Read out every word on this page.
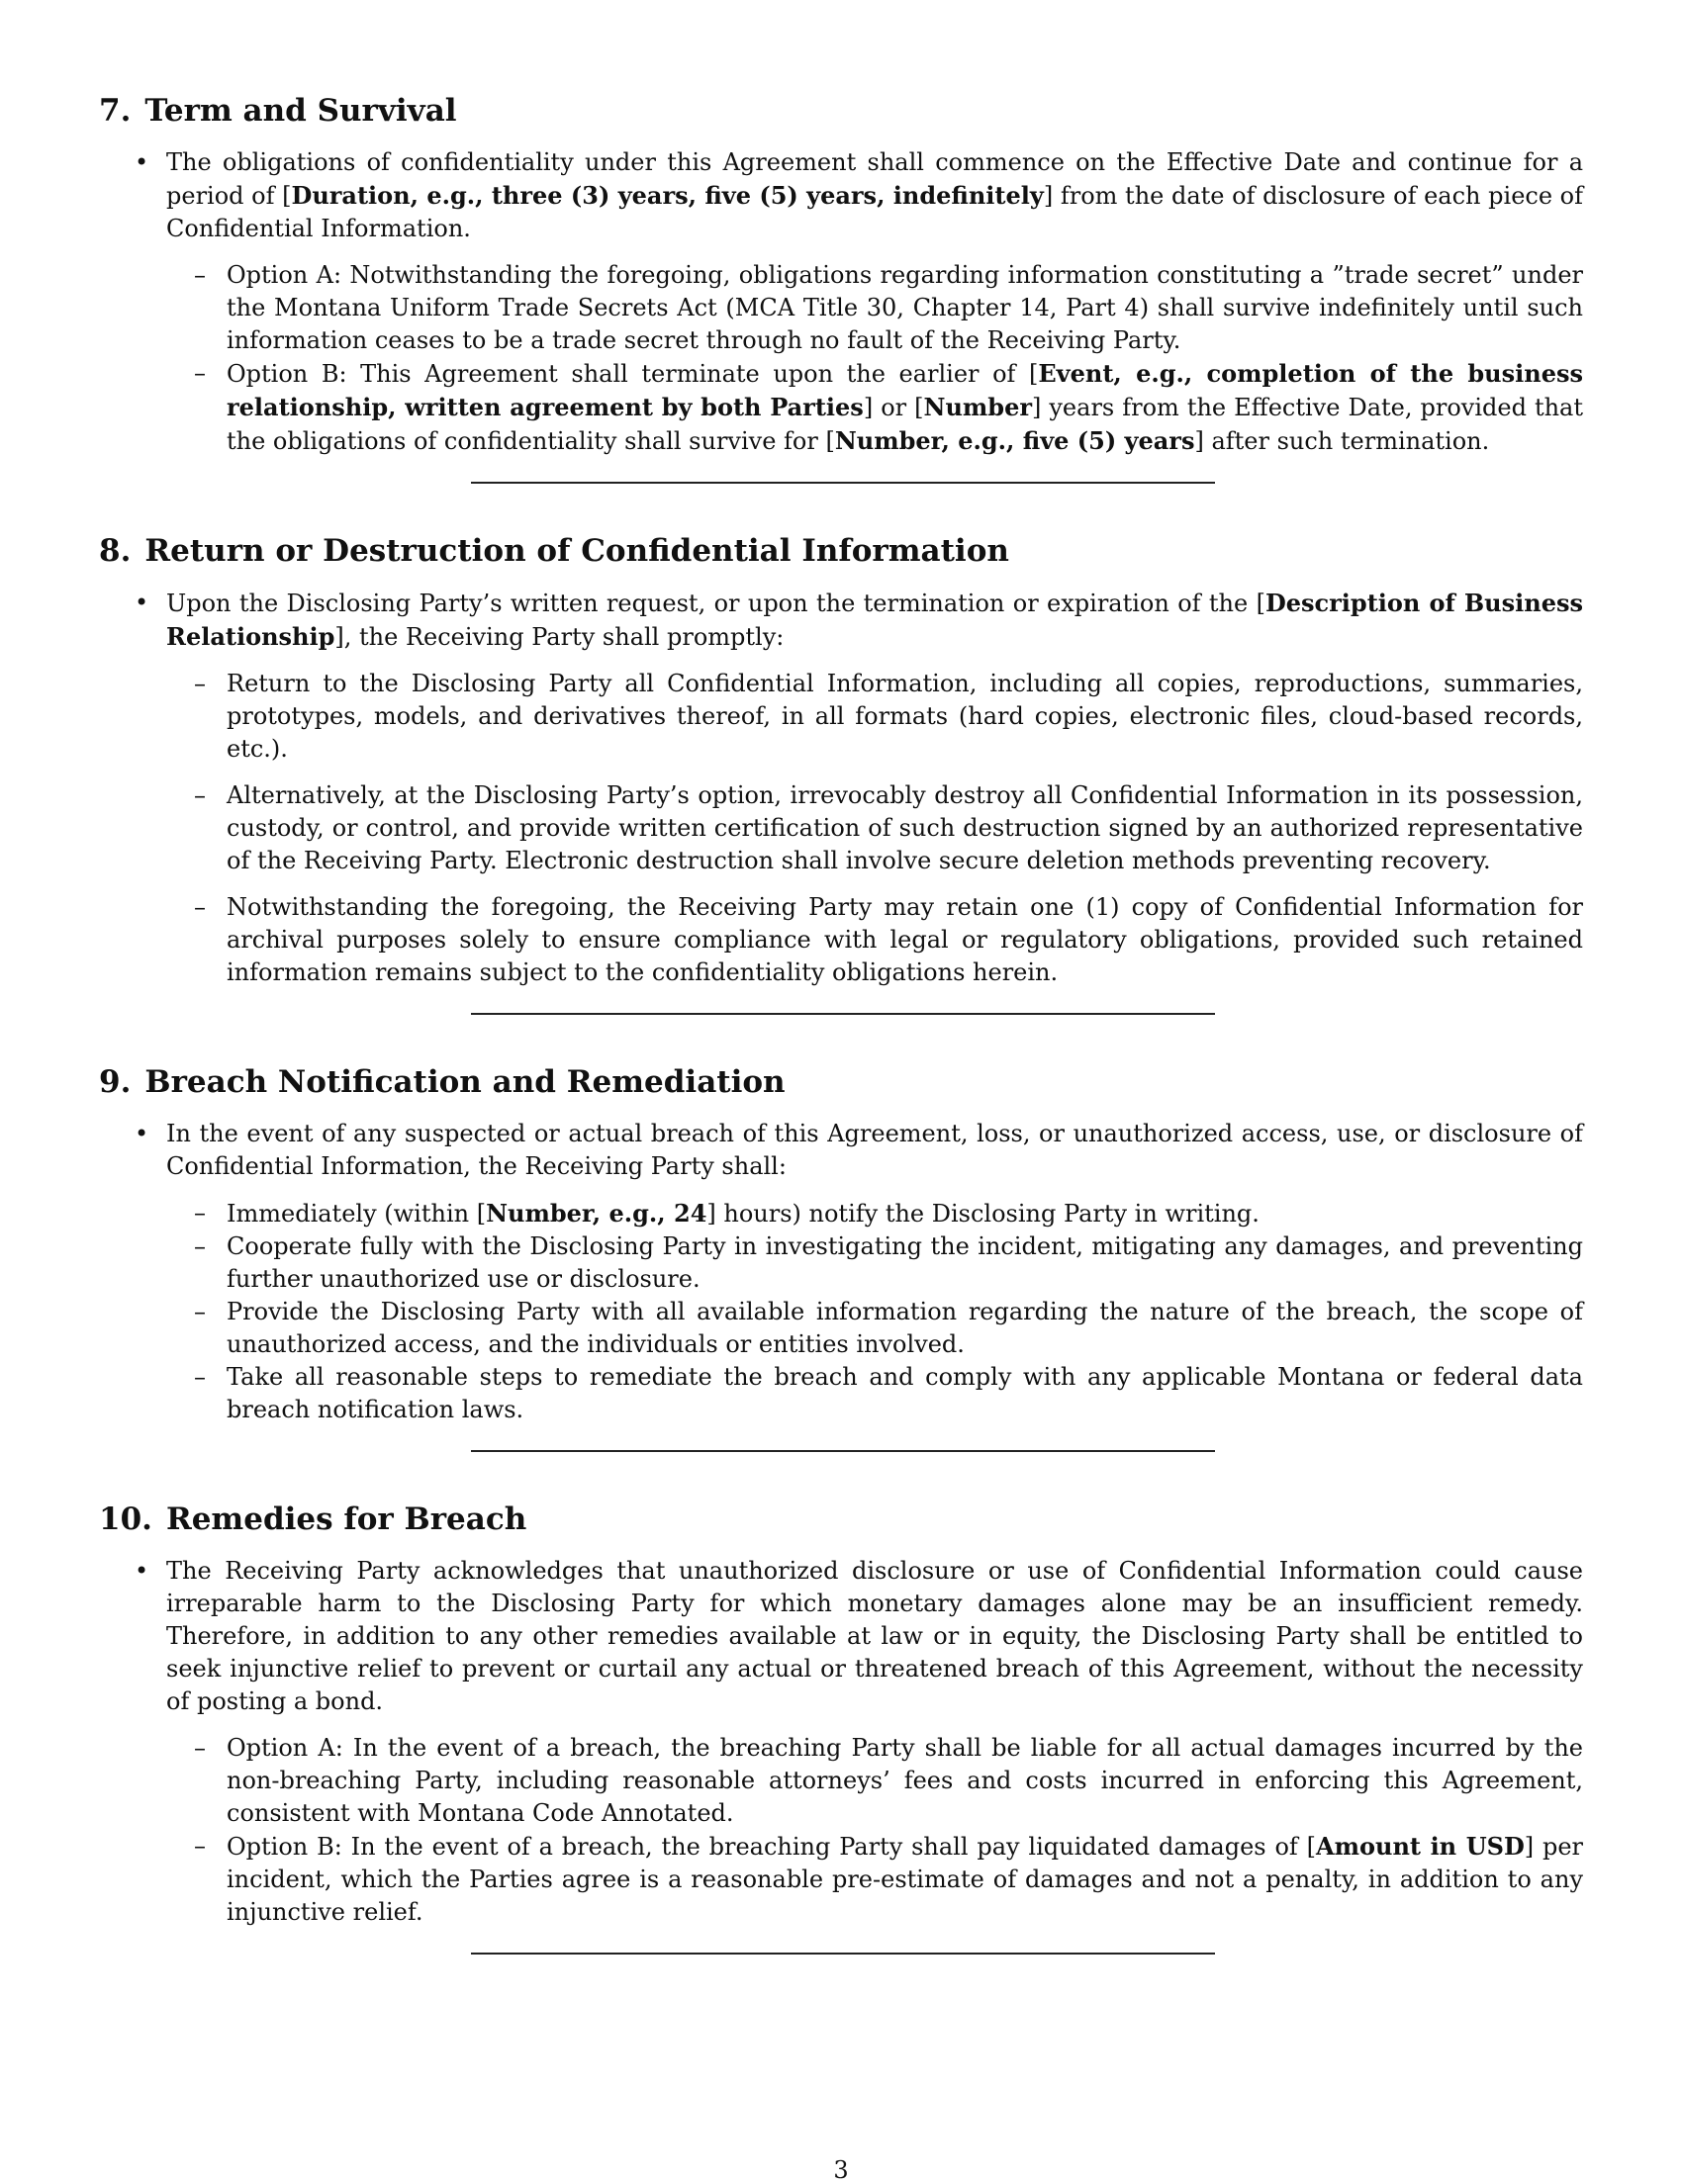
7. Term and Survival
• The obligations of confidentiality under this Agreement shall commence on the Effective Date and continue for a period of [Duration, e.g., three (3) years, five (5) years, indefinitely] from the date of disclosure of each piece of Confidential Information.
– Option A: Notwithstanding the foregoing, obligations regarding information constituting a ”trade secret” under the Montana Uniform Trade Secrets Act (MCA Title 30, Chapter 14, Part 4) shall survive indefinitely until such information ceases to be a trade secret through no fault of the Receiving Party.
– Option B: This Agreement shall terminate upon the earlier of [Event, e.g., completion of the business relationship, written agreement by both Parties] or [Number] years from the Effective Date, provided that the obligations of confidentiality shall survive for [Number, e.g., five (5) years] after such termination.
8. Return or Destruction of Confidential Information
• Upon the Disclosing Party’s written request, or upon the termination or expiration of the [Description of Business Relationship], the Receiving Party shall promptly:
– Return to the Disclosing Party all Confidential Information, including all copies, reproductions, summaries, prototypes, models, and derivatives thereof, in all formats (hard copies, electronic files, cloud-based records, etc.).
– Alternatively, at the Disclosing Party’s option, irrevocably destroy all Confidential Information in its possession, custody, or control, and provide written certification of such destruction signed by an authorized representative of the Receiving Party. Electronic destruction shall involve secure deletion methods preventing recovery.
– Notwithstanding the foregoing, the Receiving Party may retain one (1) copy of Confidential Information for archival purposes solely to ensure compliance with legal or regulatory obligations, provided such retained information remains subject to the confidentiality obligations herein.
9. Breach Notification and Remediation
• In the event of any suspected or actual breach of this Agreement, loss, or unauthorized access, use, or disclosure of Confidential Information, the Receiving Party shall:
– Immediately (within [Number, e.g., 24] hours) notify the Disclosing Party in writing.
– Cooperate fully with the Disclosing Party in investigating the incident, mitigating any damages, and preventing further unauthorized use or disclosure.
– Provide the Disclosing Party with all available information regarding the nature of the breach, the scope of unauthorized access, and the individuals or entities involved.
– Take all reasonable steps to remediate the breach and comply with any applicable Montana or federal data breach notification laws.
10. Remedies for Breach
• The Receiving Party acknowledges that unauthorized disclosure or use of Confidential Information could cause irreparable harm to the Disclosing Party for which monetary damages alone may be an insufficient remedy. Therefore, in addition to any other remedies available at law or in equity, the Disclosing Party shall be entitled to seek injunctive relief to prevent or curtail any actual or threatened breach of this Agreement, without the necessity of posting a bond.
– Option A: In the event of a breach, the breaching Party shall be liable for all actual damages incurred by the non-breaching Party, including reasonable attorneys’ fees and costs incurred in enforcing this Agreement, consistent with Montana Code Annotated.
– Option B: In the event of a breach, the breaching Party shall pay liquidated damages of [Amount in USD] per incident, which the Parties agree is a reasonable pre-estimate of damages and not a penalty, in addition to any injunctive relief.
3
